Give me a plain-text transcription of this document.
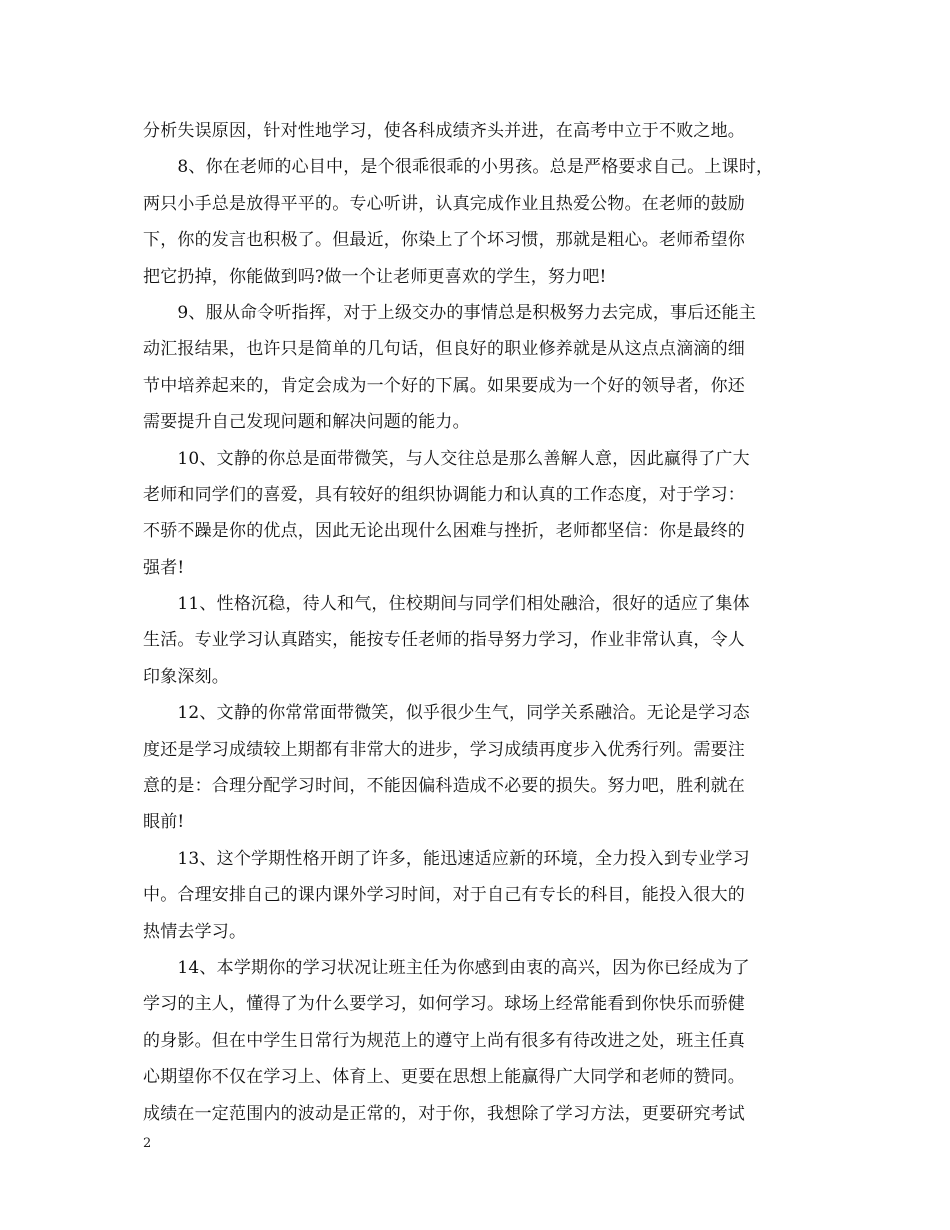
分析失误原因，针对性地学习，使各科成绩齐头并进，在高考中立于不败之地。
　　8、你在老师的心目中，是个很乖很乖的小男孩。总是严格要求自己。上课时，
两只小手总是放得平平的。专心听讲，认真完成作业且热爱公物。在老师的鼓励
下，你的发言也积极了。但最近，你染上了个坏习惯，那就是粗心。老师希望你
把它扔掉，你能做到吗?做一个让老师更喜欢的学生，努力吧!
　　9、服从命令听指挥，对于上级交办的事情总是积极努力去完成，事后还能主
动汇报结果，也许只是简单的几句话，但良好的职业修养就是从这点点滴滴的细
节中培养起来的，肯定会成为一个好的下属。如果要成为一个好的领导者，你还
需要提升自己发现问题和解决问题的能力。
　　10、文静的你总是面带微笑，与人交往总是那么善解人意，因此赢得了广大
老师和同学们的喜爱，具有较好的组织协调能力和认真的工作态度，对于学习：
不骄不躁是你的优点，因此无论出现什么困难与挫折，老师都坚信：你是最终的
强者!
　　11、性格沉稳，待人和气，住校期间与同学们相处融洽，很好的适应了集体
生活。专业学习认真踏实，能按专任老师的指导努力学习，作业非常认真，令人
印象深刻。
　　12、文静的你常常面带微笑，似乎很少生气，同学关系融洽。无论是学习态
度还是学习成绩较上期都有非常大的进步，学习成绩再度步入优秀行列。需要注
意的是：合理分配学习时间，不能因偏科造成不必要的损失。努力吧，胜利就在
眼前!
　　13、这个学期性格开朗了许多，能迅速适应新的环境，全力投入到专业学习
中。合理安排自己的课内课外学习时间，对于自己有专长的科目，能投入很大的
热情去学习。
　　14、本学期你的学习状况让班主任为你感到由衷的高兴，因为你已经成为了
学习的主人，懂得了为什么要学习，如何学习。球场上经常能看到你快乐而骄健
的身影。但在中学生日常行为规范上的遵守上尚有很多有待改进之处，班主任真
心期望你不仅在学习上、体育上、更要在思想上能赢得广大同学和老师的赞同。
成绩在一定范围内的波动是正常的，对于你，我想除了学习方法，更要研究考试
2
